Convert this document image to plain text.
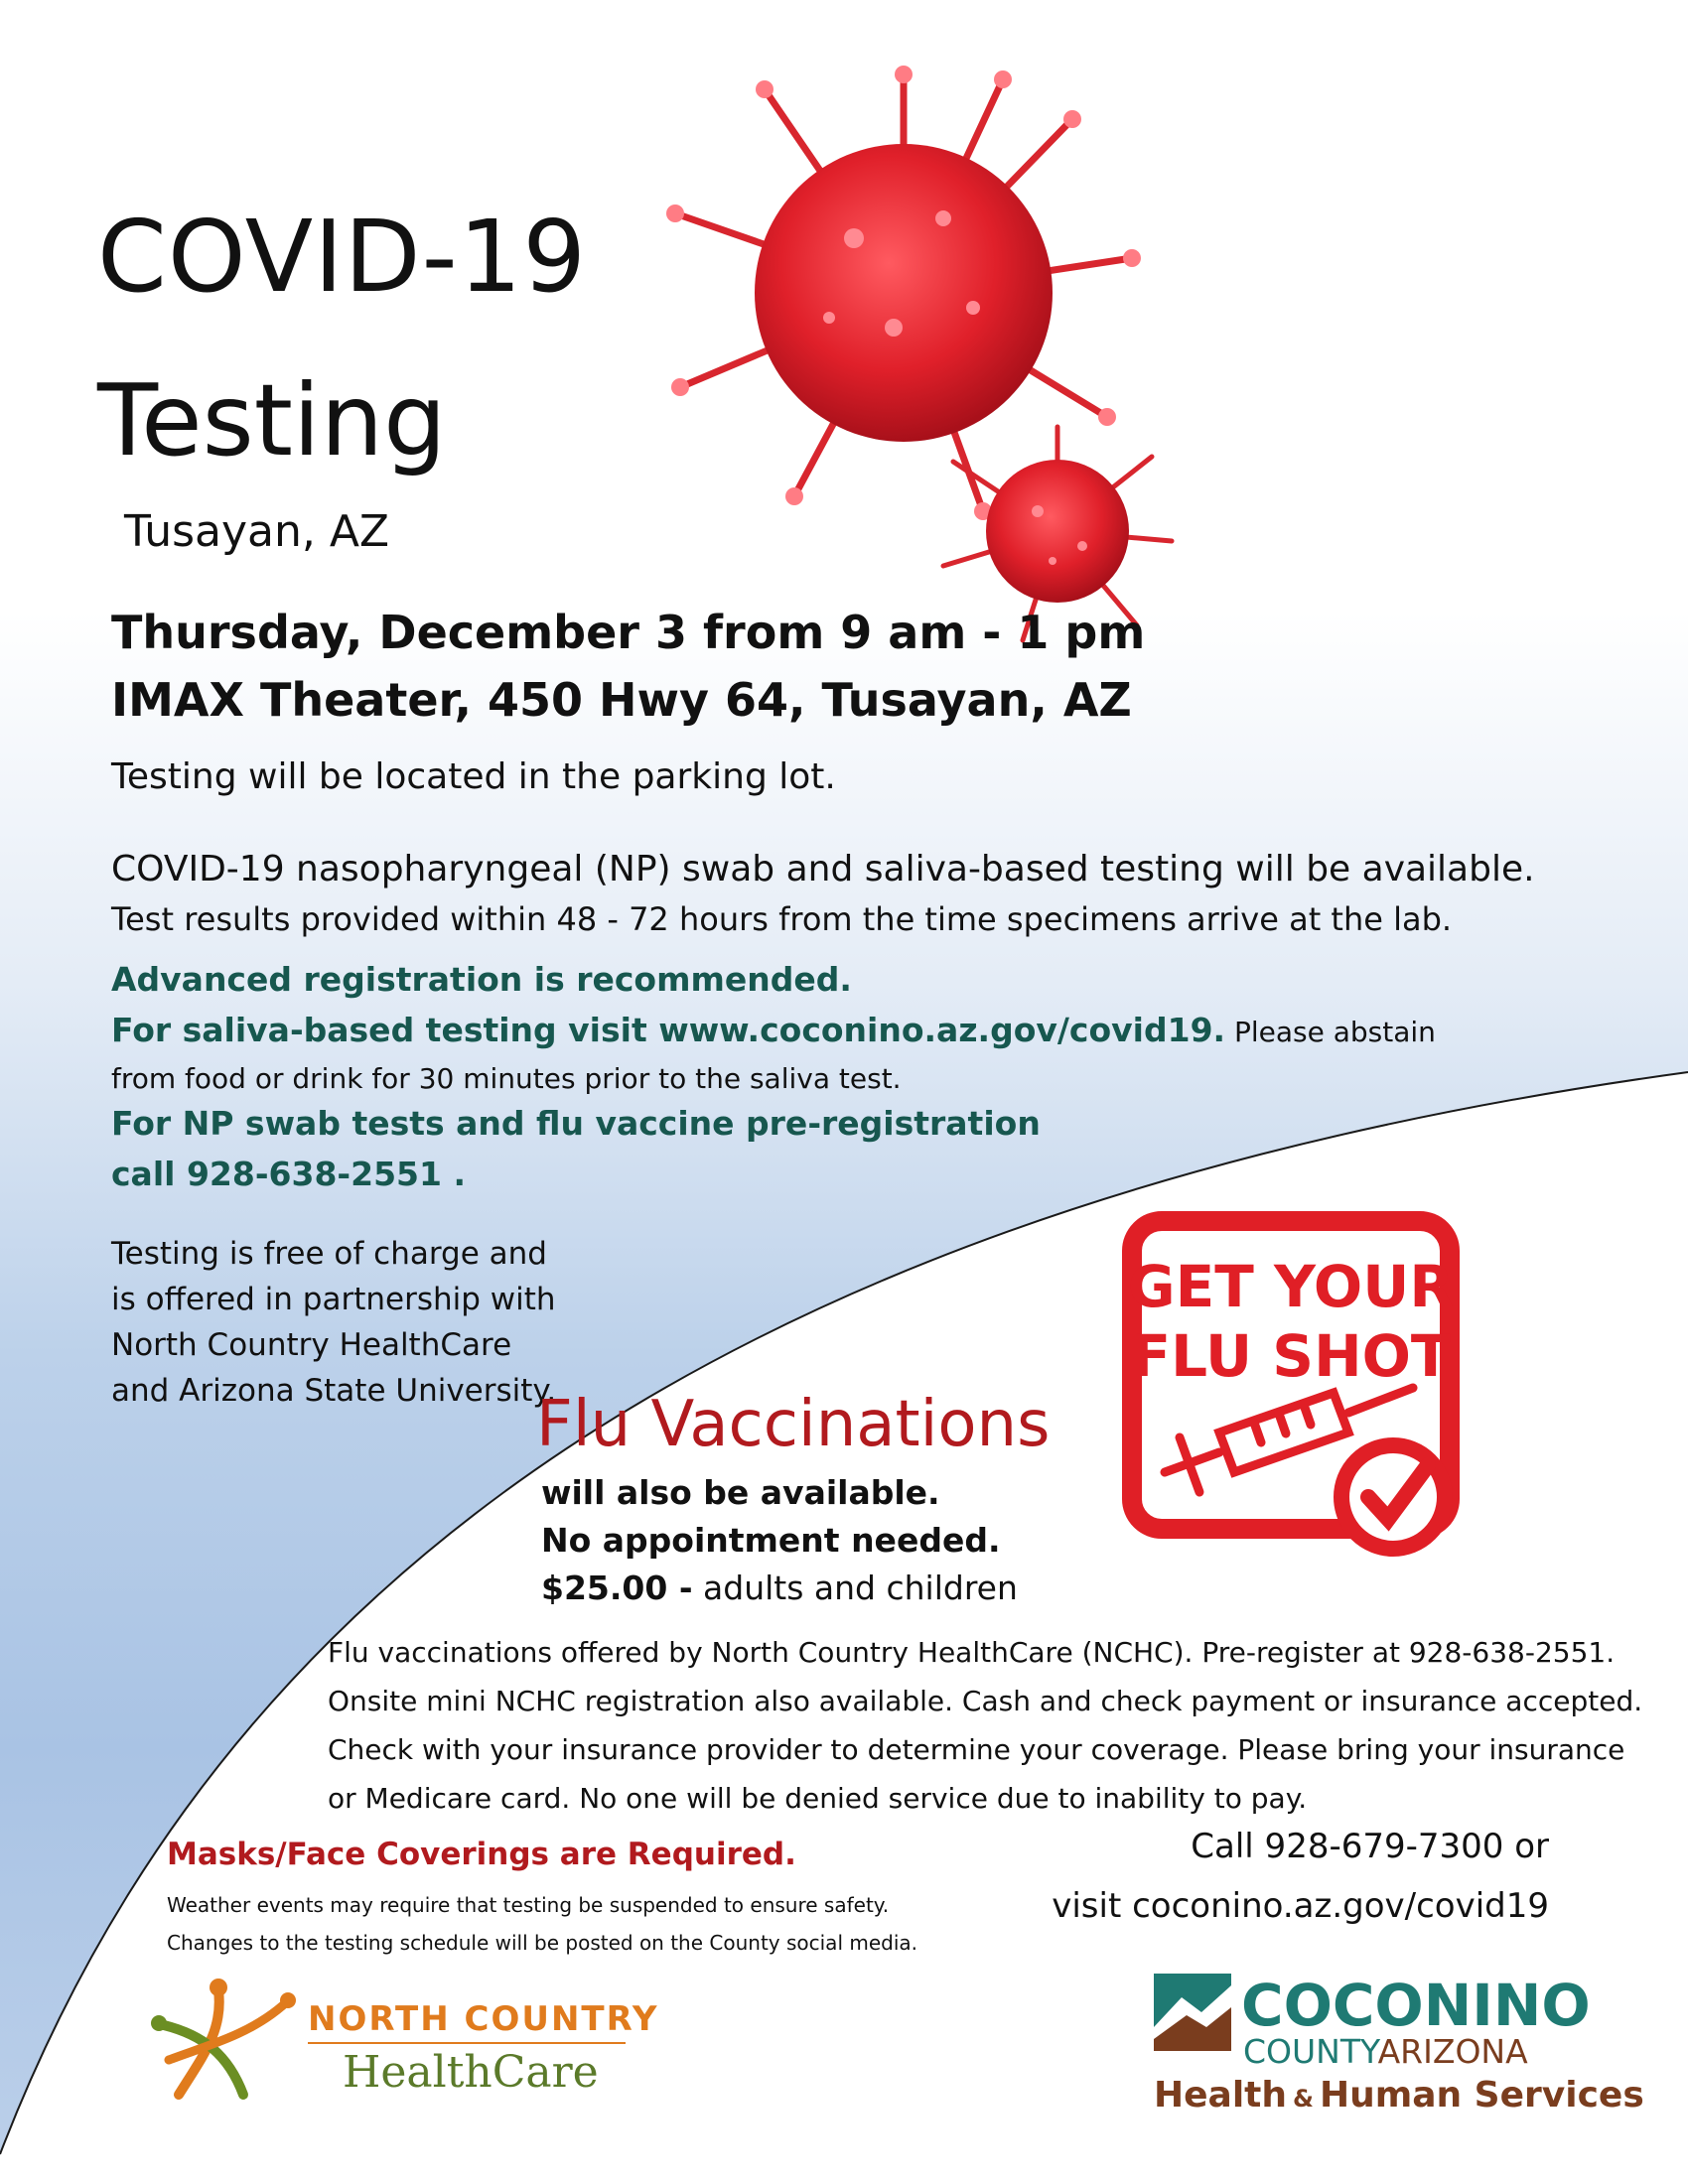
COVID-19
Testing
Tusayan, AZ
Thursday, December 3 from 9 am - 1 pm
IMAX Theater, 450 Hwy 64, Tusayan, AZ
Testing will be located in the parking lot.
COVID-19 nasopharyngeal (NP) swab and saliva-based testing will be available.
Test results provided within 48 - 72 hours from the time specimens arrive at the lab.
Advanced registration is recommended.
For saliva-based testing visit www.coconino.az.gov/covid19. Please abstain
from food or drink for 30 minutes prior to the saliva test.
For NP swab tests and flu vaccine pre-registration
call 928-638-2551 .
Testing is free of charge and is offered in partnership with North Country HealthCare and Arizona State University.
Flu Vaccinations
will also be available.
No appointment needed.
$25.00 - adults and children
GET YOUR
FLU SHOT
Flu vaccinations offered by North Country HealthCare (NCHC). Pre-register at 928-638-2551. Onsite mini NCHC registration also available. Cash and check payment or insurance accepted. Check with your insurance provider to determine your coverage. Please bring your insurance or Medicare card. No one will be denied service due to inability to pay.
Masks/Face Coverings are Required.
Weather events may require that testing be suspended to ensure safety.
Changes to the testing schedule will be posted on the County social media.
Call 928-679-7300 or
visit coconino.az.gov/covid19
NORTH COUNTRY
HealthCare
COCONINO
COUNTYARIZONA
Health & Human Services
